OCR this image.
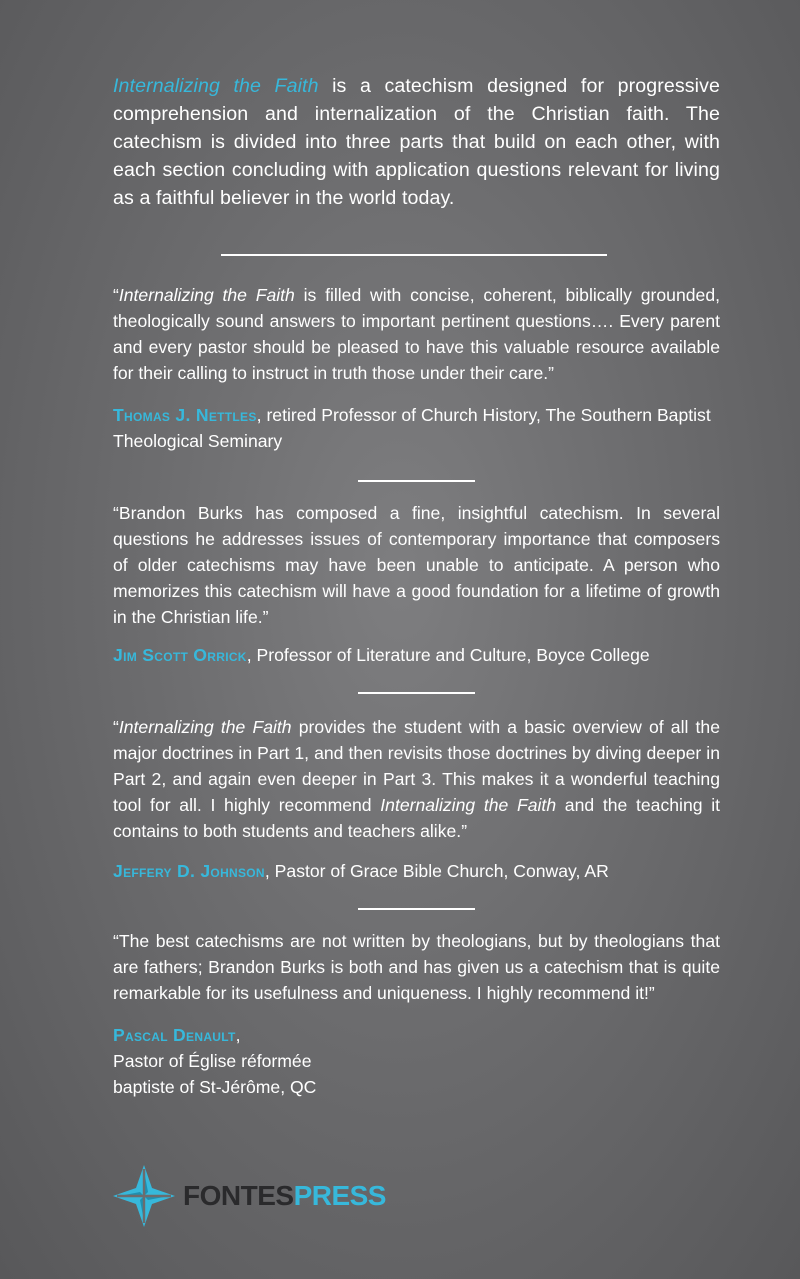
Internalizing the Faith is a catechism designed for progressive comprehension and internalization of the Christian faith. The catechism is divided into three parts that build on each other, with each section concluding with application questions relevant for living as a faithful believer in the world today.

“Internalizing the Faith is filled with concise, coherent, biblically grounded, theologically sound answers to important pertinent questions…. Every parent and every pastor should be pleased to have this valuable resource available for their calling to instruct in truth those under their care.”

Thomas J. Nettles, retired Professor of Church History, The Southern Baptist Theological Seminary

“Brandon Burks has composed a fine, insightful catechism. In several questions he addresses issues of contemporary importance that composers of older catechisms may have been unable to anticipate. A person who memorizes this catechism will have a good foundation for a lifetime of growth in the Christian life.”

Jim Scott Orrick, Professor of Literature and Culture, Boyce College

“Internalizing the Faith provides the student with a basic overview of all the major doctrines in Part 1, and then revisits those doctrines by diving deeper in Part 2, and again even deeper in Part 3. This makes it a wonderful teaching tool for all. I highly recommend Internalizing the Faith and the teaching it contains to both students and teachers alike.”

Jeffery D. Johnson, Pastor of Grace Bible Church, Conway, AR

“The best catechisms are not written by theologians, but by theologians that are fathers; Brandon Burks is both and has given us a catechism that is quite remarkable for its usefulness and uniqueness. I highly recommend it!”

Pascal Denault,
Pastor of Église réformée
baptiste of St-Jérôme, QC

FONTESPRESS
